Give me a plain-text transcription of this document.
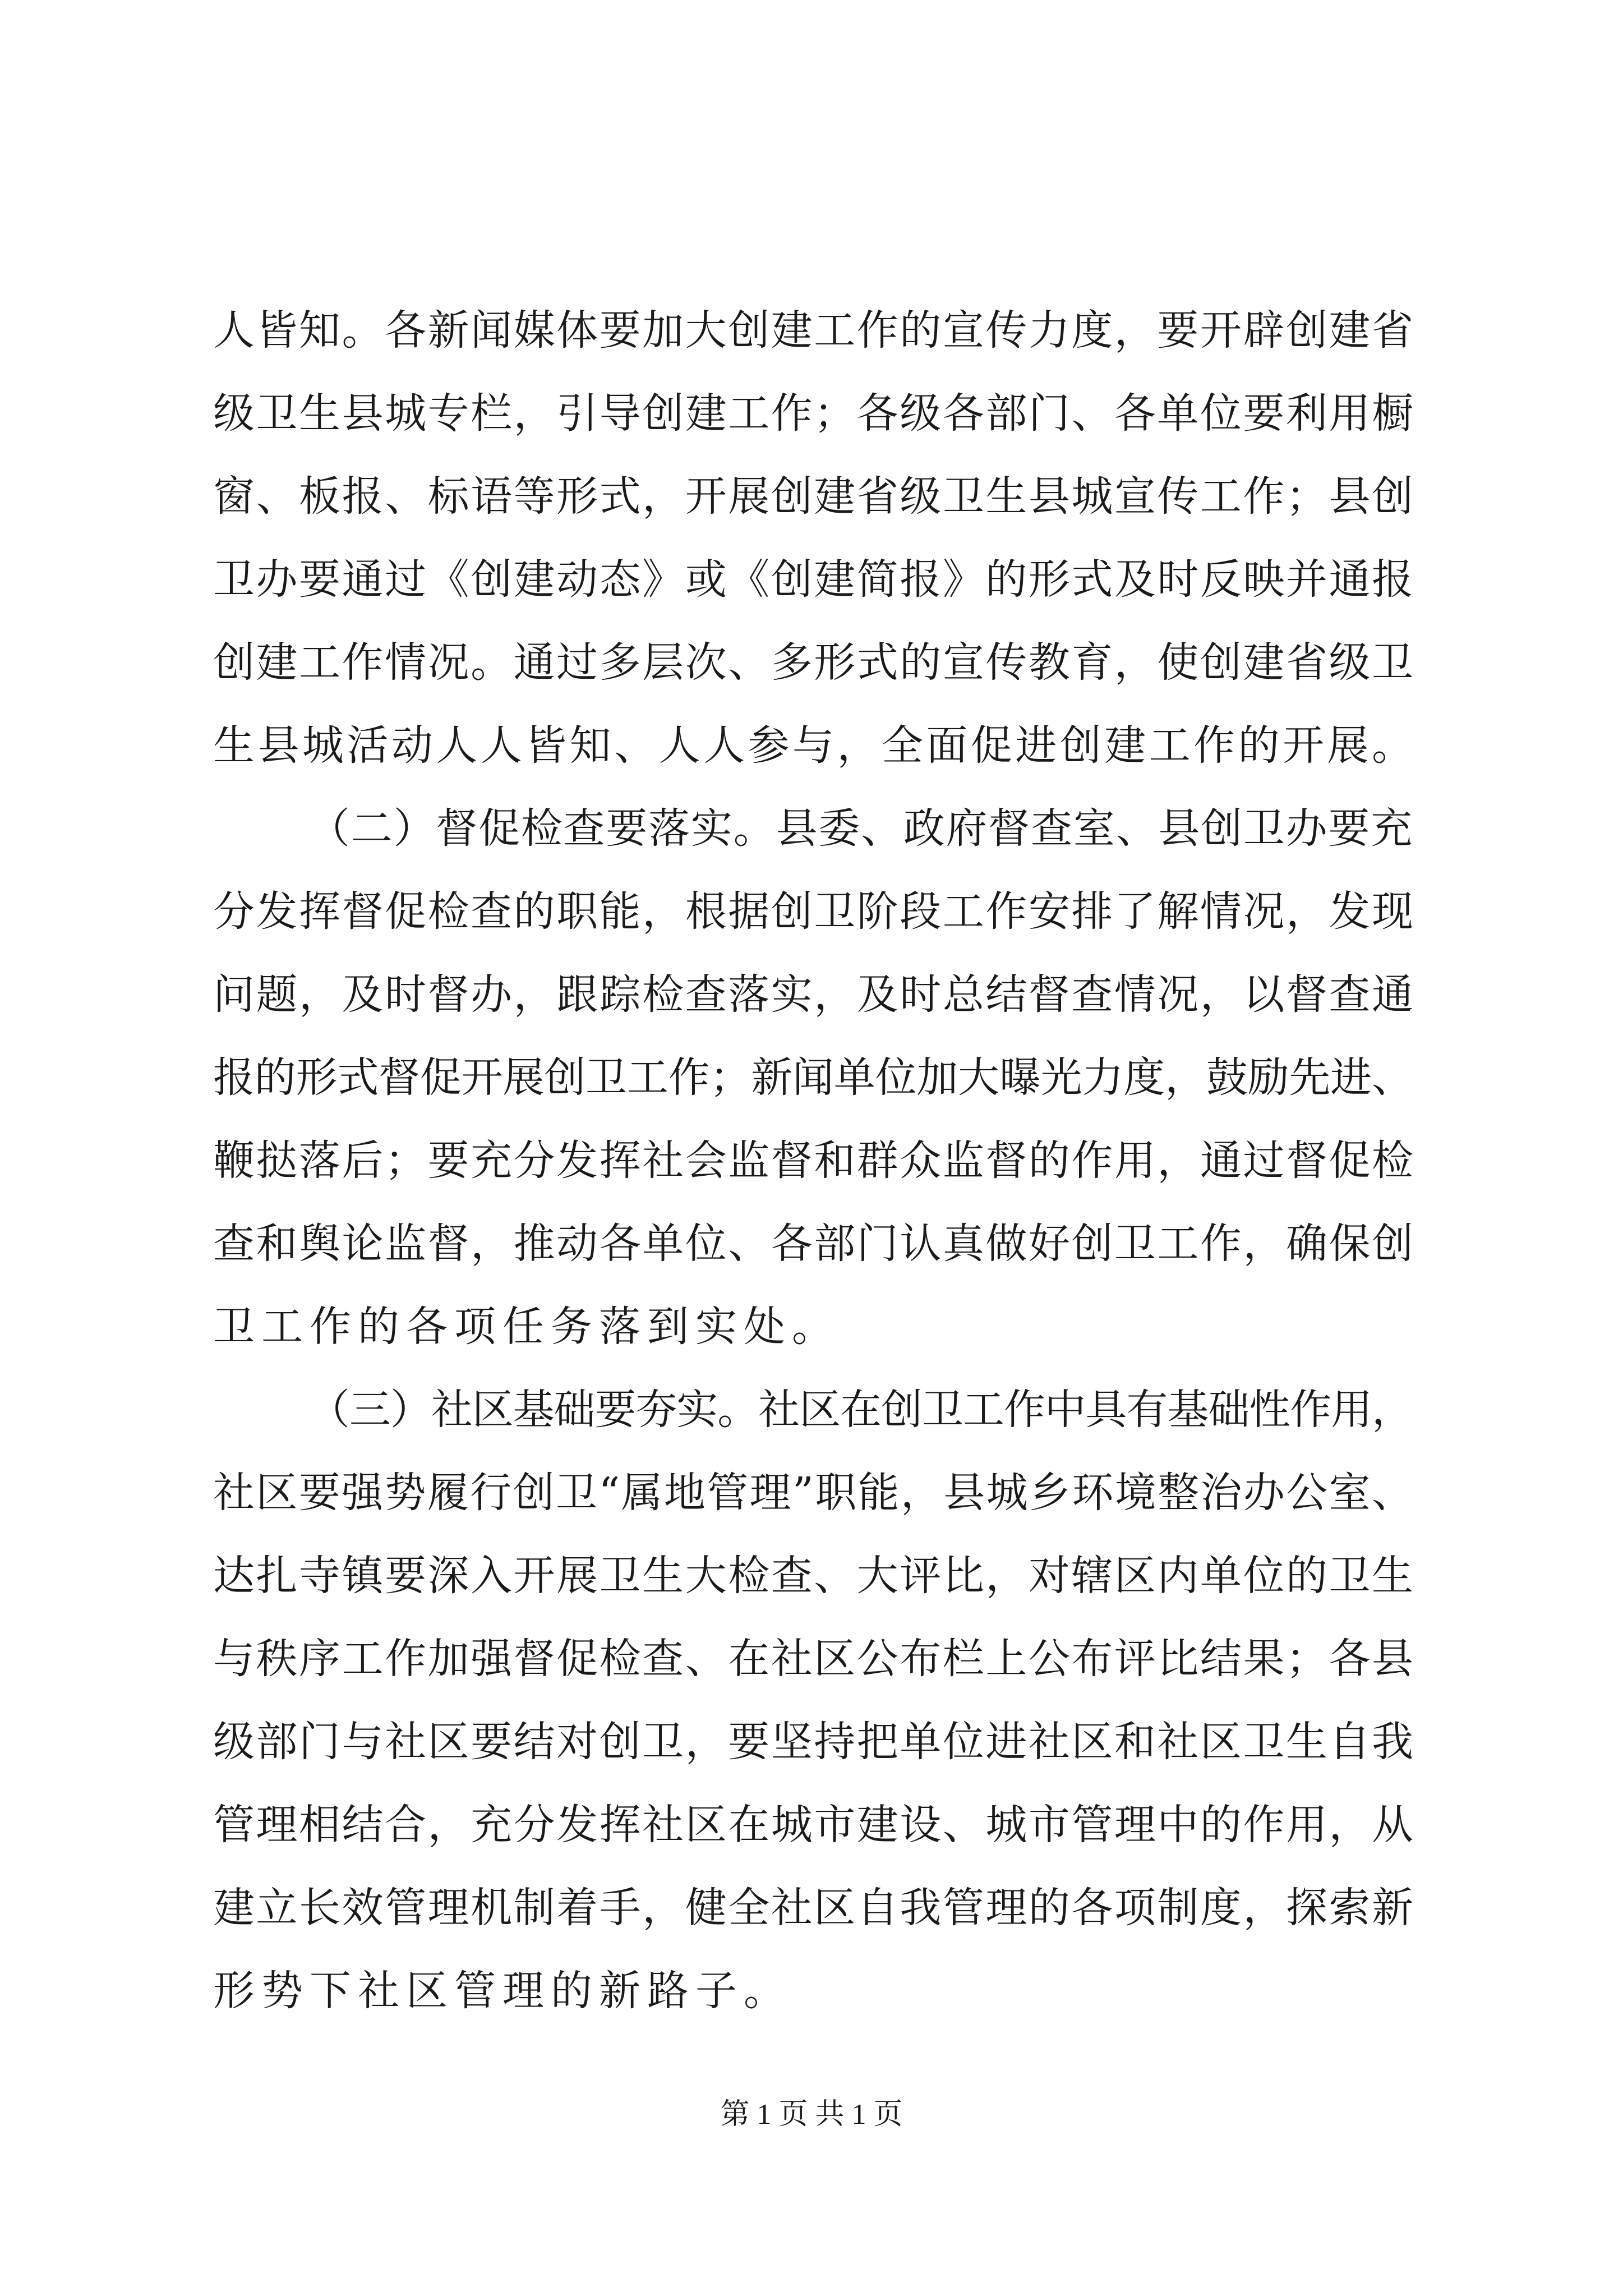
人皆知。各新闻媒体要加大创建工作的宣传力度，要开辟创建省
级卫生县城专栏，引导创建工作；各级各部门、各单位要利用橱
窗、板报、标语等形式，开展创建省级卫生县城宣传工作；县创
卫办要通过《创建动态》或《创建简报》的形式及时反映并通报
创建工作情况。通过多层次、多形式的宣传教育，使创建省级卫
生县城活动人人皆知、人人参与，全面促进创建工作的开展。
（二）督促检查要落实。县委、政府督查室、县创卫办要充
分发挥督促检查的职能，根据创卫阶段工作安排了解情况，发现
问题，及时督办，跟踪检查落实，及时总结督查情况，以督查通
报的形式督促开展创卫工作；新闻单位加大曝光力度，鼓励先进、
鞭挞落后；要充分发挥社会监督和群众监督的作用，通过督促检
查和舆论监督，推动各单位、各部门认真做好创卫工作，确保创
卫工作的各项任务落到实处。
（三）社区基础要夯实。社区在创卫工作中具有基础性作用，
社区要强势履行创卫“属地管理”职能，县城乡环境整治办公室、
达扎寺镇要深入开展卫生大检查、大评比，对辖区内单位的卫生
与秩序工作加强督促检查、在社区公布栏上公布评比结果；各县
级部门与社区要结对创卫，要坚持把单位进社区和社区卫生自我
管理相结合，充分发挥社区在城市建设、城市管理中的作用，从
建立长效管理机制着手，健全社区自我管理的各项制度，探索新
形势下社区管理的新路子。
第 1 页 共 1 页
